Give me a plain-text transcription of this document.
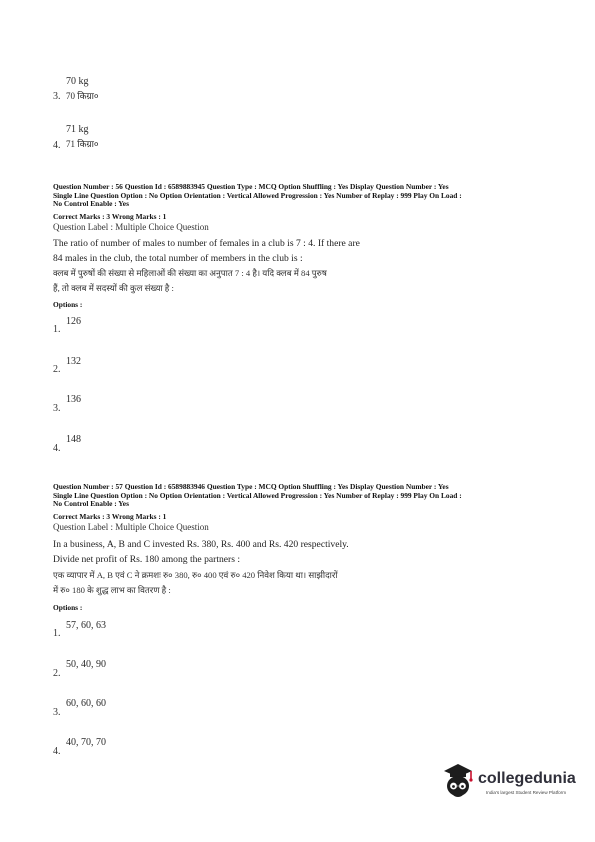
70 kg
3. 70 किग्रा०
71 kg
4. 71 किग्रा०
Question Number : 56 Question Id : 6589883945 Question Type : MCQ Option Shuffling : Yes Display Question Number : Yes
Single Line Question Option : No Option Orientation : Vertical Allowed Progression : Yes Number of Replay : 999 Play On Load :
No Control Enable : Yes
Correct Marks : 3 Wrong Marks : 1
Question Label : Multiple Choice Question
The ratio of number of males to number of females in a club is 7 : 4. If there are
84 males in the club, the total number of members in the club is :
क्लब में पुरुषों की संख्या से महिलाओं की संख्या का अनुपात 7 : 4 है। यदि क्लब में 84 पुरुष
हैं, तो क्लब में सदस्यों की कुल संख्या है :
Options :
126
1.
132
2.
136
3.
148
4.
Question Number : 57 Question Id : 6589883946 Question Type : MCQ Option Shuffling : Yes Display Question Number : Yes
Single Line Question Option : No Option Orientation : Vertical Allowed Progression : Yes Number of Replay : 999 Play On Load :
No Control Enable : Yes
Correct Marks : 3 Wrong Marks : 1
Question Label : Multiple Choice Question
In a business, A, B and C invested Rs. 380, Rs. 400 and Rs. 420 respectively.
Divide net profit of Rs. 180 among the partners :
एक व्यापार में A, B एवं C ने क्रमशः रु० 380, रु० 400 एवं रु० 420 निवेश किया था। साझीदारों
में रु० 180 के शुद्ध लाभ का वितरण है :
Options :
57, 60, 63
1.
50, 40, 90
2.
60, 60, 60
3.
40, 70, 70
4.
collegedunia
India's largest Student Review Platform
